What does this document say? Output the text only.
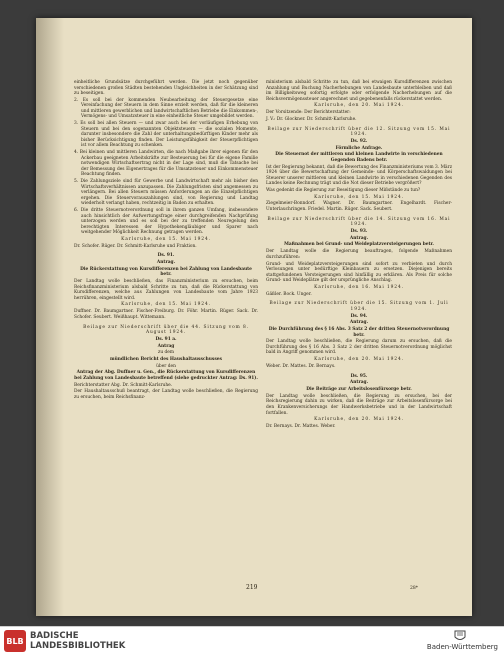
einheitliche Grundsätze durchgeführt werden. Die jetzt noch gegenüber verschiedenen großen Städten bestehenden Ungleichheiten in der Schätzung sind zu beseitigen.

2. Es soll bei der kommenden Neubearbeitung der Steuergesetze eine Vereinfachung der Steuern in dem Sinne erzielt werden, daß für die kleineren und mittleren gewerblichen und landwirtschaftlichen Betriebe die Einkommen-, Vermögens- und Umsatzsteuer in eine einheitliche Steuer umgebildet werden.

3. Es soll bei allen Steuern — und zwar auch bei der vorläufigen Erhebung von Steuern und bei den sogenannten Objektsteuern — die sozialen Momente, darunter insbesondere die Zahl der unterhaltungsbedürftigen Kinder mehr als bisher Berücksichtigung finden. Der Leistungsfähigkeit der Steuerpflichtigen ist vor allem Beachtung zu schenken.

4. Bei kleinen und mittleren Landwirten, die nach Maßgabe ihrer eigenen für den Ackerbau geeigneten Arbeitskräfte zur Besteuerung bei für die eigene Familie notwendigen Wirtschaftsertrag nicht in der Lage sind, muß die Tatsache bei der Bemessung des Eigenertrages für die Umsatzsteuer und Einkommensteuer Beachtung finden.

5. Die Zahlungsziele sind für Gewerbe und Landwirtschaft mehr als bisher den Wirtschaftsverhältnissen anzupassen. Die Zahlungsfristen sind angemessen zu verlängern. Bei allen Steuern müssen Anforderungen an die Einzelpflichtigen ergehen. Die Steuervorauszahlungen sind, von Regierung und Landtag wiederholt verlangt haben, rechtzeitig in Baden zu erhalten.

6. Die dritte Steuernotverordnung soll in ihrem ganzen Umfang, insbesondere auch hinsichtlich der Aufwertungsfrage einer durchgreifenden Nachprüfung unterzogen werden und es soll bei der zu treffenden Neuregelung den berechtigten Interessen der Hypothekengläubiger und Sparer nach weitgehender Möglichkeit Rechnung getragen werden.

Karlsruhe, den 15. Mai 1924.

Dr. Schofer. Rüger. Dr. Schmitt-Karlsruhe und Fraktion.

Ds. 91.

Antrag.

Die Rückerstattung von Kursdifferenzen bei Zahlung von Landesbaute betr.

Der Landtag wolle beschließen, das Finanzministerium zu ersuchen, beim Reichsfinanzministerium alsbald Schritte zu tun, daß die Rückerstattung von Kursdifferenzen, welche aus Zahlungen von Landesbaute vom Jahre 1923 herrühren, eingestellt wird.

Karlsruhe, den 15. Mai 1924.

Duffner. Dr. Baumgartner. Fischer-Freiburg. Dr. Föhr. Martin. Rüger. Sack. Dr. Schofer. Seubert. Weißhaupt. Wittemann.

Beilage zur Niederschrift über die 44. Sitzung vom 8. August 1924.

Ds. 91 a.

Antrag

zu dem

mündlichen Bericht des Haushaltausschusses

über den

Antrag der Abg. Duffner u. Gen., die Rückerstattung von Kursdifferenzen bei Zahlung von Landesbaute betreffend (siehe gedruckter Antrag: Ds. 91).

Berichterstatter Abg. Dr. Schmitt-Karlsruhe.

Der Haushaltausschuß beantragt, der Landtag wolle beschließen, die Regierung zu ersuchen, beim Reichsfinanz-

ministerium alsbald Schritte zu tun, daß bei etwaigen Kursdifferenzen zwischen Anzahlung und Buchung Nacherhebungen von Landesbaute unterbleiben und daß im Billigkeitsweg sofortig erfolgte oder erfolgende Nacherhebungen auf die Reichsvermögenssteuer angerechnet und gegebenenfalls rückerstattet werden.

Karlsruhe, den 20. Mai 1924.

Der Vorsitzende: Der Berichterstatter:

J. V.: Dr. Glockner. Dr. Schmitt-Karlsruhe.

Beilage zur Niederschrift über die 12. Sitzung vom 15. Mai 1924.

Ds. 92.

Förmliche Anfrage.

Die Steuernot der mittleren und kleinen Landwirte in verschiedenen Gegenden Badens betr.

Ist der Regierung bekannt, daß die Bewertung des Finanzministeriums vom 3. März 1924 über die Bewertschaftung der Gemeinde- und Körperschaftswaldungen bei Steuerer unserer mittleren und kleinen Landwirte in verschiedenen Gegenden des Landes keine Rechnung trägt und die Not dieser Betriebe vergrößert?

Was gedenkt die Regierung zur Beseitigung dieser Mißstände zu tun?

Karlsruhe, den 15. Mai 1924.

Ziegelmeier-Bonndorf. Wagner. Dr. Baumgartner. Engelhardt. Fischer-Unterlauchringen. Friedel. Martin. Rüger. Sack. Seubert.

Beilage zur Niederschrift über die 14. Sitzung vom 16. Mai 1924.

Ds. 93.

Antrag.

Maßnahmen bei Grund- und Weideplatzversteigerungen betr.

Der Landtag wolle die Regierung beauftragen, folgende Maßnahmen durchzuführen:

Grund- und Weideplatzversteigerungen sind sofort zu verbieten und durch Verlosungen unter bedürftige Kleinbauern zu ersetzen. Diejenigen bereits stattgefundenen Versteigerungen sind hinfällig zu erklären. Als Preis für solche Grund- und Weideplätze gilt der ursprüngliche Anschlag.

Karlsruhe, den 16. Mai 1924.

Gäßler. Bock. Unger.

Beilage zur Niederschrift über die 15. Sitzung vom 1. Juli 1924.

Ds. 94.

Antrag.

Die Durchführung des § 16 Abs. 3 Satz 2 der dritten Steuernotverordnung betr.

Der Landtag wolle beschließen, die Regierung darum zu ersuchen, daß die Durchführung des § 16 Abs. 3 Satz 2 der dritten Steuernotverordnung möglichst bald in Angriff genommen wird.

Karlsruhe, den 20. Mai 1924.

Weber. Dr. Mattes. Dr. Bernays.

Ds. 95.

Antrag.

Die Beiträge zur Arbeitslosenfürsorge betr.

Der Landtag wolle beschließen, die Regierung zu ersuchen, bei der Reichsregierung dahin zu wirken, daß die Beiträge zur Arbeitslosenfürsorge bei den Krankenversicherungs der Handwerksbetriebe und in der Landwirtschaft fortfallen.

Karlsruhe, den 20. Mai 1924.

Dr. Bernays. Dr. Mattes. Weber.

219	28*
BLB BADISCHE
LANDESBIBLIOTHEK	Baden-Württemberg
